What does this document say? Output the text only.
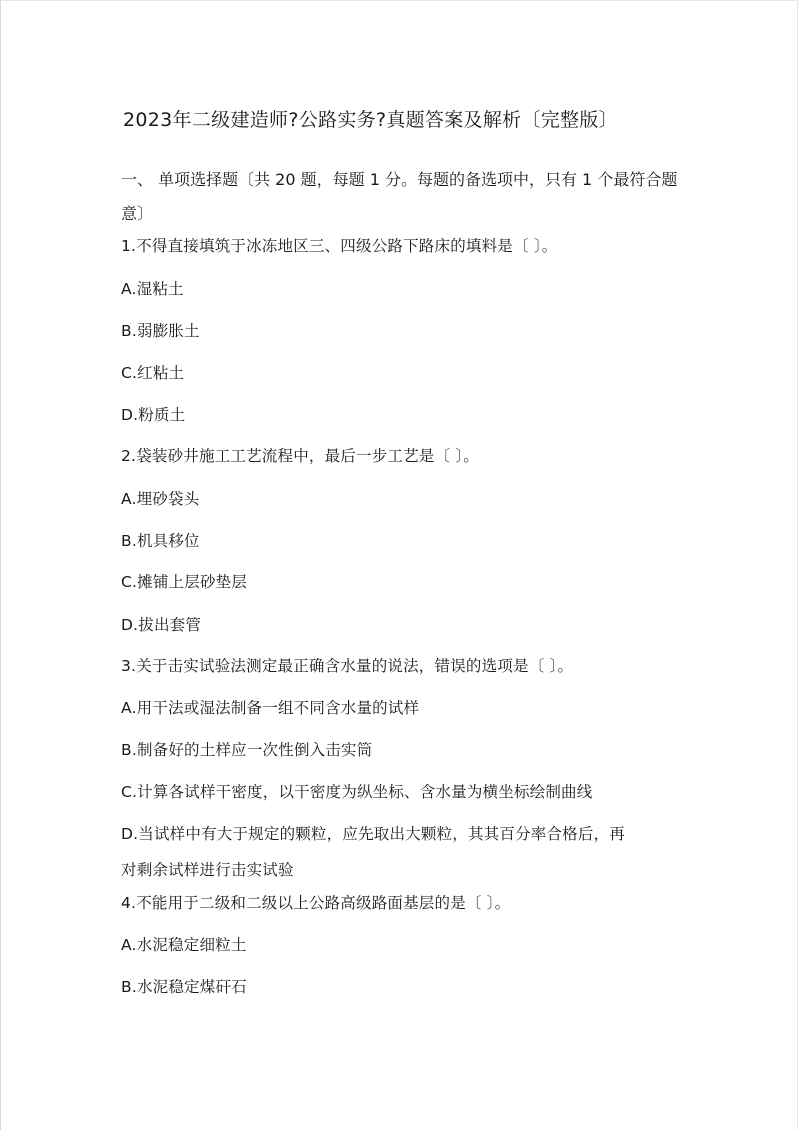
2023年二级建造师?公路实务?真题答案及解析〔完整版〕
一、 单项选择题〔共 20 题，每题 1 分。每题的备选项中，只有 1 个最符合题意〕
1.不得直接填筑于冰冻地区三、四级公路下路床的填料是〔 〕。
A.湿粘土
B.弱膨胀土
C.红粘土
D.粉质土
2.袋装砂井施工工艺流程中，最后一步工艺是〔 〕。
A.埋砂袋头
B.机具移位
C.摊铺上层砂垫层
D.拔出套管
3.关于击实试验法测定最正确含水量的说法，错误的选项是〔 〕。
A.用干法或湿法制备一组不同含水量的试样
B.制备好的土样应一次性倒入击实筒
C.计算各试样干密度，以干密度为纵坐标、含水量为横坐标绘制曲线
D.当试样中有大于规定的颗粒，应先取出大颗粒，其其百分率合格后，再
对剩余试样进行击实试验
4.不能用于二级和二级以上公路高级路面基层的是〔 〕。
A.水泥稳定细粒土
B.水泥稳定煤矸石
